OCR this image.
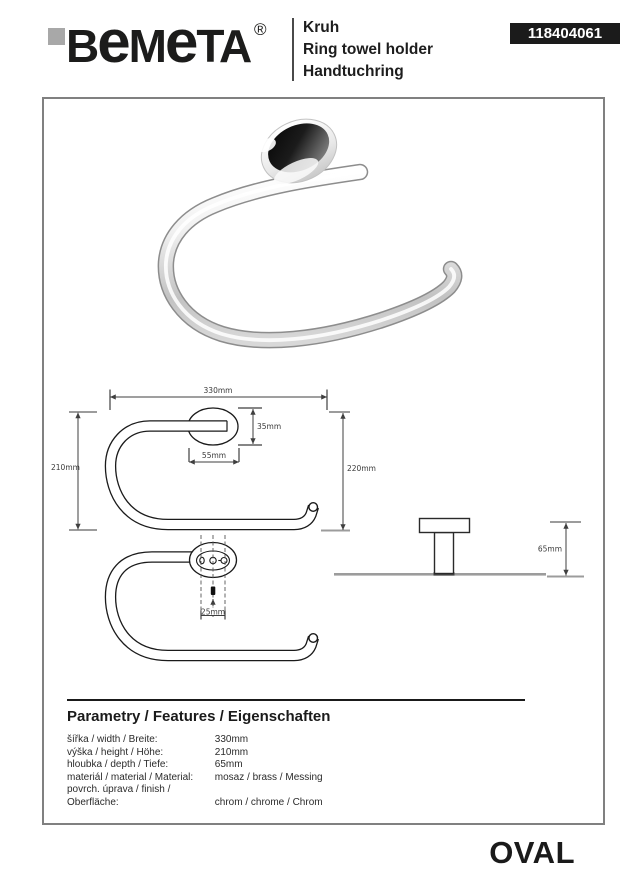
BeMeTA ® Kruh
Ring towel holder
Handtuchring
118404061
330mm
210mm	220mm
35mm
55mm
25mm
65mm
Parametry / Features / Eigenschaften
šířka / width / Breite:	330mm
výška / height / Höhe:	210mm
hloubka / depth / Tiefe:	65mm
materiál / material / Material: mosaz / brass / Messing
povrch. úprava / finish / Oberfläche:	chrom / chrome / Chrom
OVAL
